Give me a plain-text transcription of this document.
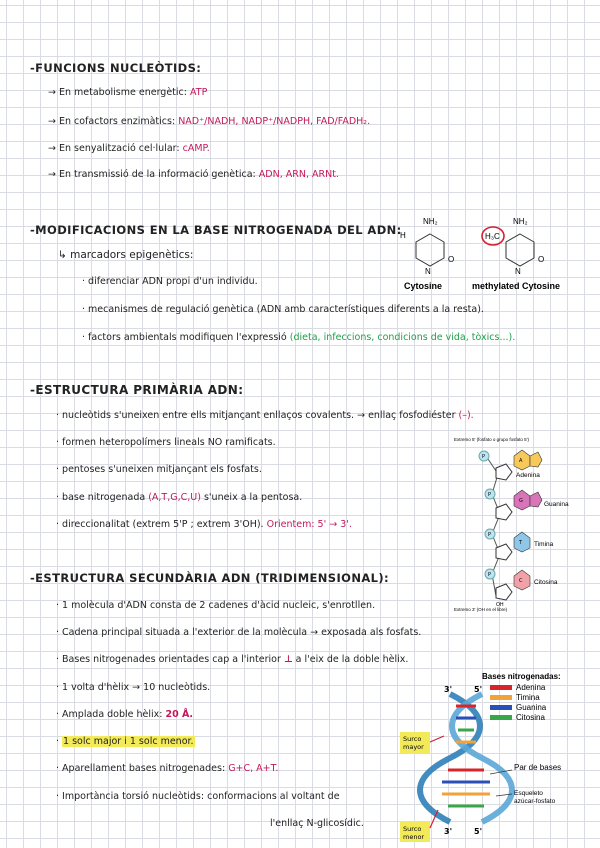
-FUNCIONS NUCLEÒTIDS:
→ En metabolisme energètic: ATP
→ En cofactors enzimàtics: NAD⁺/NADH, NADP⁺/NADPH, FAD/FADH₂.
→ En senyalització cel·lular: cAMP.
→ En transmissió de la informació genètica: ADN, ARN, ARNt.
-MODIFICACIONS EN LA BASE NITROGENADA DEL ADN:
↳ marcadors epigenètics:
· diferenciar ADN propi d'un individu.
· mecanismes de regulació genètica (ADN amb característiques diferents a la resta).
· factors ambientals modifiquen l'expressió (dieta, infeccions, condicions de vida, tòxics...).
NH₂
H
N
O
Cytosine
NH₂
H₃C
N
O
methylated Cytosine
-ESTRUCTURA PRIMÀRIA ADN:
· nucleòtids s'uneixen entre ells mitjançant enllaços covalents. → enllaç fosfodiéster (–).
· formen heteropolímers lineals NO ramificats.
· pentoses s'uneixen mitjançant els fosfats.
· base nitrogenada (A,T,G,C,U) s'uneix a la pentosa.
· direccionalitat (extrem 5'P ; extrem 3'OH). Orientem: 5' → 3'.
Extremo 5' (fosfato o grupo fosfato 5')
P
P
P
P
A
G
T
C
Adenina
Guanina
Timina
Citosina
OH
Extremo 3' (OH en el libre)
-ESTRUCTURA SECUNDÀRIA ADN (TRIDIMENSIONAL):
· 1 molècula d'ADN consta de 2 cadenes d'àcid nucleic, s'enrotllen.
· Cadena principal situada a l'exterior de la molècula → exposada als fosfats.
· Bases nitrogenades orientades cap a l'interior ⊥ a l'eix de la doble hèlix.
· 1 volta d'hèlix → 10 nucleòtids.
· Amplada doble hèlix: 20 Å.
· 1 solc major i 1 solc menor.
· Aparellament bases nitrogenades: G+C, A+T.
· Importància torsió nucleòtids: conformacions al voltant de
l'enllaç N-glicosídic.
Bases nitrogenadas:
Adenina
Timina
Guanina
Citosina
3'	5'
3'	5'
Surco mayor
Surco menor
Par de bases
Esqueleto azúcar-fosfato
